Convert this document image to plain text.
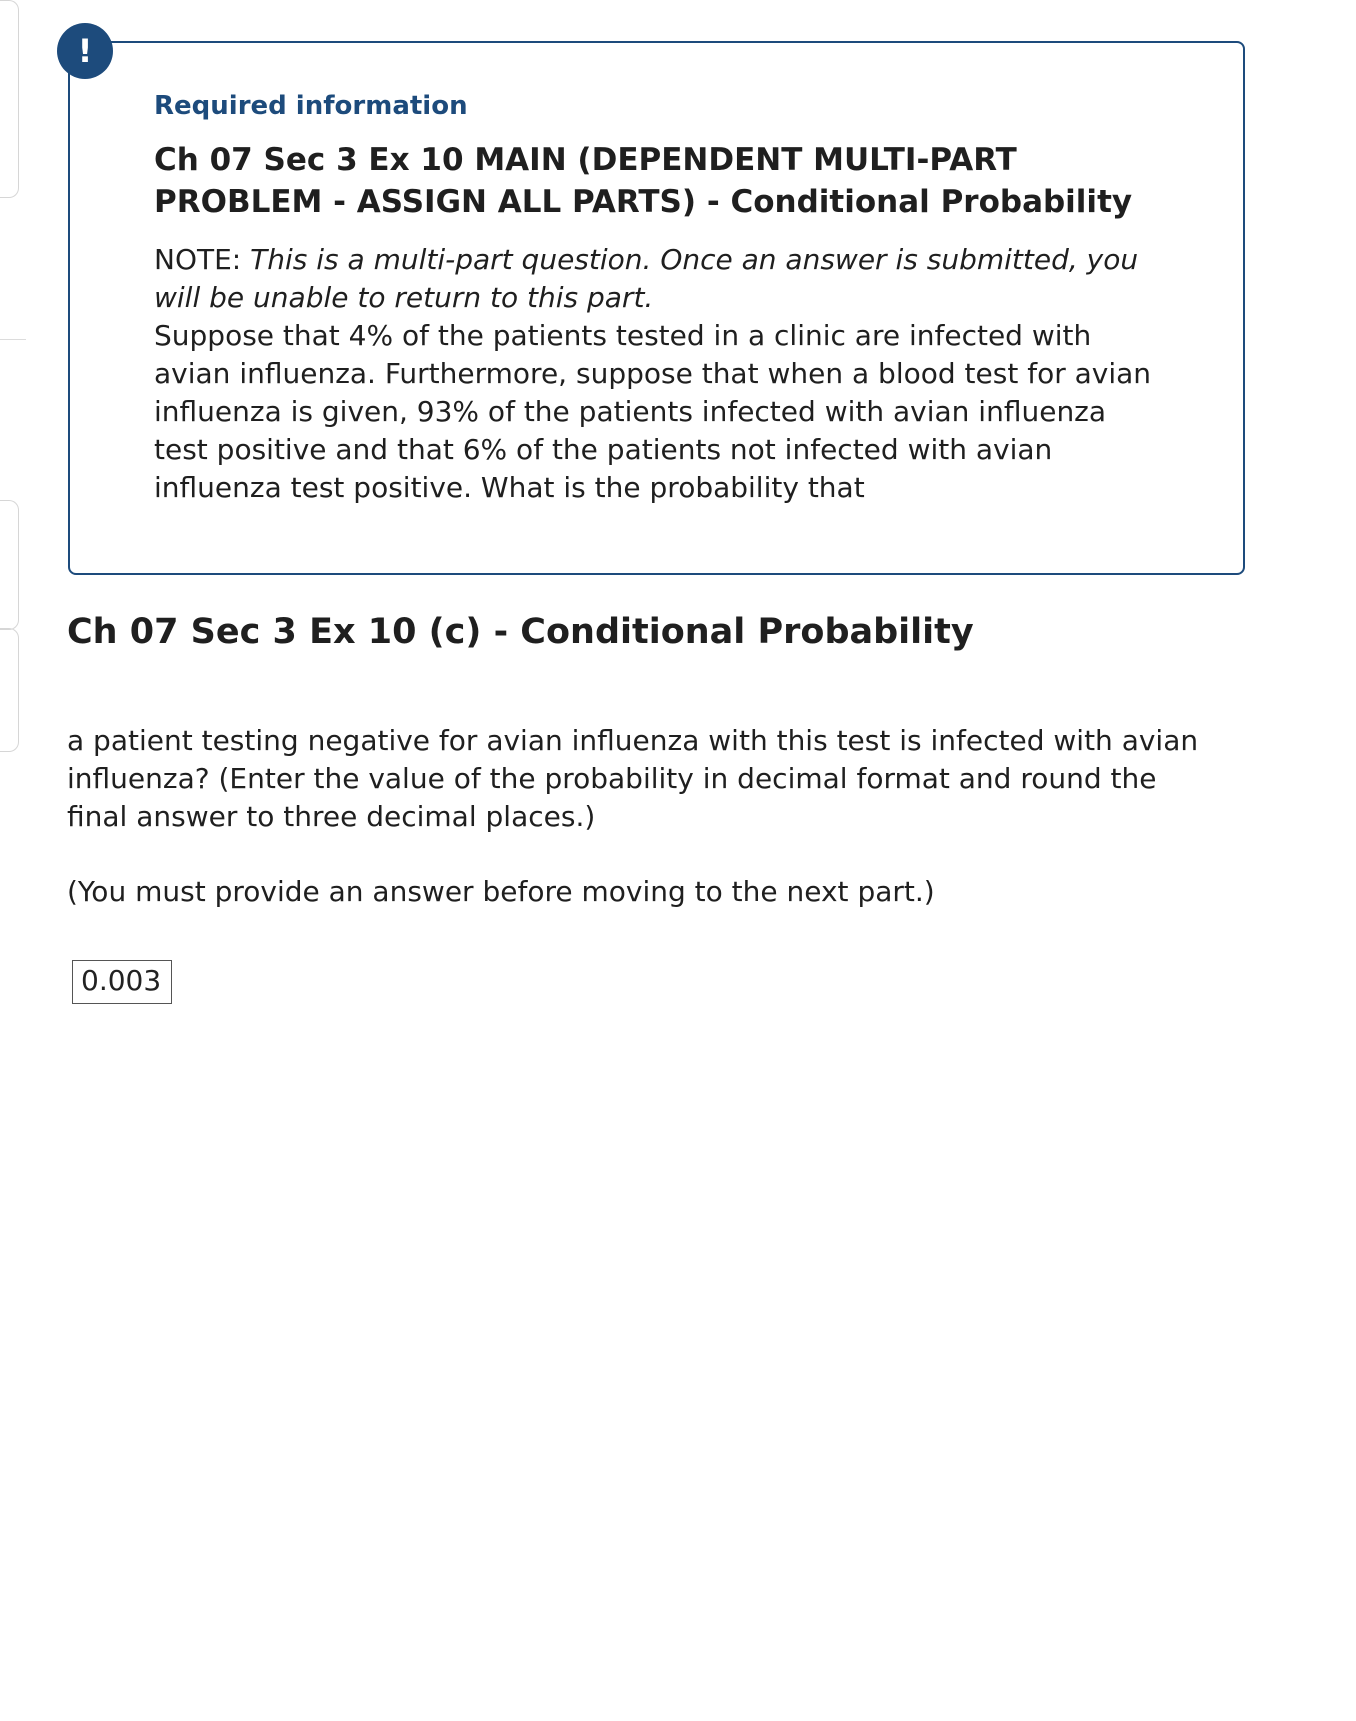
Required information
Ch 07 Sec 3 Ex 10 MAIN (DEPENDENT MULTI-PART PROBLEM - ASSIGN ALL PARTS) - Conditional Probability
NOTE: This is a multi-part question. Once an answer is submitted, you will be unable to return to this part.
Suppose that 4% of the patients tested in a clinic are infected with avian influenza. Furthermore, suppose that when a blood test for avian influenza is given, 93% of the patients infected with avian influenza test positive and that 6% of the patients not infected with avian influenza test positive. What is the probability that
!
Ch 07 Sec 3 Ex 10 (c) - Conditional Probability

a patient testing negative for avian influenza with this test is infected with avian influenza? (Enter the value of the probability in decimal format and round the final answer to three decimal places.)

(You must provide an answer before moving to the next part.)

0.003
